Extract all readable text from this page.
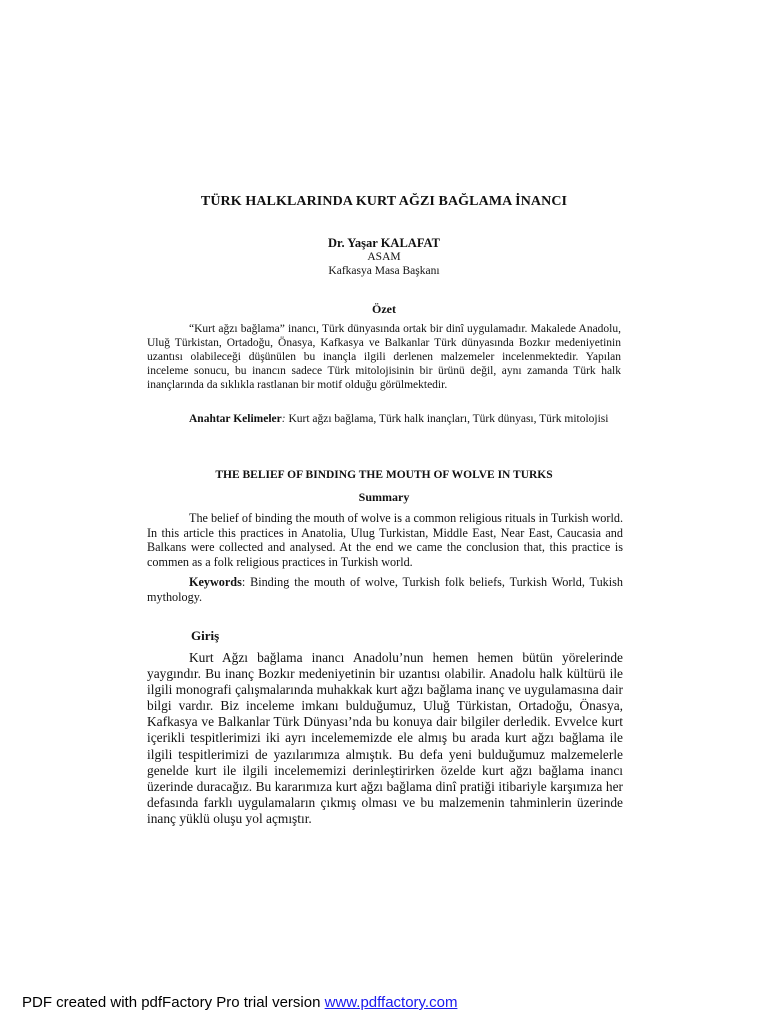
TÜRK HALKLARINDA KURT AĞZI BAĞLAMA İNANCI
Dr. Yaşar KALAFAT
ASAM
Kafkasya Masa Başkanı
Özet

“Kurt ağzı bağlama” inancı, Türk dünyasında ortak bir dinî uygulamadır. Makalede Anadolu, Uluğ Türkistan, Ortadoğu, Önasya, Kafkasya ve Balkanlar Türk dünyasında Bozkır medeniyetinin uzantısı olabileceği düşünülen bu inançla ilgili derlenen malzemeler incelenmektedir. Yapılan inceleme sonucu, bu inancın sadece Türk mitolojisinin bir ürünü değil, aynı zamanda Türk halk inançlarında da sıklıkla rastlanan bir motif olduğu görülmektedir.

Anahtar Kelimeler: Kurt ağzı bağlama, Türk halk inançları, Türk dünyası, Türk mitolojisi

THE BELIEF OF BINDING THE MOUTH OF WOLVE IN TURKS
Summary

The belief of binding the mouth of wolve is a common religious rituals in Turkish world. In this article this practices in Anatolia, Ulug Turkistan, Middle East, Near East, Caucasia and Balkans were collected and analysed. At the end we came the conclusion that, this practice is commen as a folk religious practices in Turkish world.

Keywords: Binding the mouth of wolve, Turkish folk beliefs, Turkish World, Tukish mythology.

Giriş

Kurt Ağzı bağlama inancı Anadolu’nun hemen hemen bütün yörelerinde yaygındır. Bu inanç Bozkır medeniyetinin bir uzantısı olabilir. Anadolu halk kültürü ile ilgili monografi çalışmalarında muhakkak kurt ağzı bağlama inanç ve uygulamasına dair bilgi vardır. Biz inceleme imkanı bulduğumuz, Uluğ Türkistan, Ortadoğu, Önasya, Kafkasya ve Balkanlar Türk Dünyası’nda bu konuya dair bilgiler derledik. Evvelce kurt içerikli tespitlerimizi iki ayrı incelememizde ele almış bu arada kurt ağzı bağlama ile ilgili tespitlerimizi de yazılarımıza almıştık. Bu defa yeni bulduğumuz malzemelerle genelde kurt ile ilgili incelememizi derinleştirirken özelde kurt ağzı bağlama inancı üzerinde duracağız. Bu kararımıza kurt ağzı bağlama dinî pratiği itibariyle karşımıza her defasında farklı uygulamaların çıkmış olması ve bu malzemenin tahminlerin üzerinde inanç yüklü oluşu yol açmıştır.

PDF created with pdfFactory Pro trial version www.pdffactory.com
